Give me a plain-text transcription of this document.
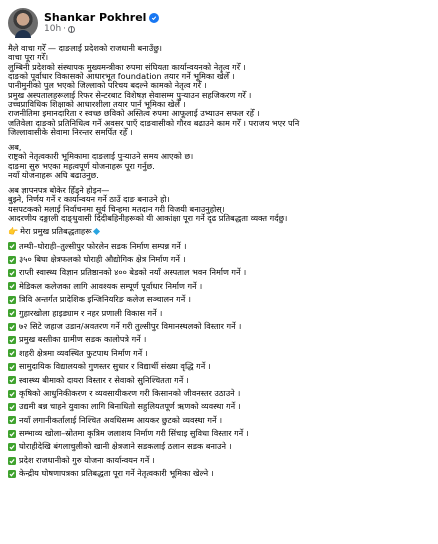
Shankar Pokhrel
10h ·
मैले वाचा गरेँ — दाङलाई प्रदेशको राजधानी बनाउँछु।
वाचा पूरा गरेँ।
लुम्बिनी प्रदेशको संस्थापक मुख्यमन्त्रीका रुपमा संघियता कार्यान्वयनको नेतृत्व गरेँ ।
दाङको पूर्वाधार विकासको आधारभूत foundation तयार गर्ने भूमिका खेलेँ ।
पानीमुनीको पुल भएको जिल्लाको परिचय बदल्ने कामको नेतृत्व गरेँ ।
प्रमुख अस्पतालहरूलाई रिफर सेन्टरबाट विशेषज्ञ सेवासम्म पुर्‍याउन सहजिकरण गरेँ ।
उच्चप्राविधिक शिक्षाको आधारशीला तयार पार्न भूमिका खेलेँ ।
राजनीतिमा इमानदारिता र स्वच्छ छविको अस्तित्व रुपमा आफूलाई उभ्याउन सफल रहेँ ।
जतिवेला दाङको प्रतिनिधित्व गर्ने अवसर पाएँ दाङवासीको गौरव बढाउने काम गरेँ । पराजय भएर पनि
जिल्लावासीके सेवामा निरन्तर समर्पित रहेँ ।
अब,
राष्ट्रको नेतृत्वकारी भूमिकामा दाङलाई पुर्‍याउने समय आएको छ।
दाङमा सुरु भएका महत्वपूर्ण योजनाहरू पूरा गर्नुछ.
नयाँ योजनाहरू अघि बढाउनुछ.
अब ज्ञापनपत्र बोकेर हिँड्ने होइन—
बुझ्ने, निर्णय गर्ने र कार्यान्वयन गर्ने ठाउँ दाङ बनाउने हो।
यसपटकको मलाई निर्वाचनमा सूर्य चिन्हमा मतदान गरी विजयी बनाउनुहोस्।
आदरणीय दङ्गाली दाङ्धुवासी दिदीबहिनीहरूको यी आकांक्षा पूरा गर्ने दृढ प्रतिबद्धता व्यक्त गर्दछु।
👉 मेरा प्रमुख प्रतिबद्धताहरू
तम्घी–घोराही–तुल्सीपुर फोरलेन सडक निर्माण सम्पन्न गर्ने ।
३५० बिघा क्षेत्रफलको घोराही औद्योगिक क्षेत्र निर्माण गर्ने ।
राप्ती स्वास्थ्य विज्ञान प्रतिष्ठानको ४०० बेडको नयाँ अस्पताल भवन निर्माण गर्ने ।
मेडिकल कलेजका लागि आवश्यक सम्पूर्ण पूर्वाधार निर्माण गर्ने ।
त्रिवि अन्तर्गत प्रादेशिक इन्जिनियरिङ कलेज सञ्चालन गर्ने ।
गुहारखोला हाइड्याम र नहर प्रणाली विकास गर्ने ।
७२ सिटे जहाज उडान/अवतरण गर्ने गरी तुल्सीपुर विमानस्थलको विस्तार गर्ने ।
प्रमुख बस्तीका ग्रामीण सडक कालोपत्रे गर्ने ।
शहरी क्षेत्रमा व्यवस्थित फुटपाथ निर्माण गर्ने ।
सामुदायिक विद्यालयको गुणस्तर सुधार र विद्यार्थी संख्या वृद्धि गर्ने ।
स्वास्थ्य बीमाको दायरा विस्तार र सेवाको सुनिश्चितता गर्ने ।
कृषिको आधुनिकीकरण र व्यवसायीकरण गरी किसानको जीवनस्तर उठाउने ।
उद्यमी बन्न चाहने युवाका लागि बिनाधितो सहुलियतपूर्ण ऋणको व्यवस्था गर्ने ।
नयाँ लगानीकर्तालाई निश्चित अवधिसम्म आयकर छुटको व्यवस्था गर्ने ।
सम्भाव्य खोला–स्रोतमा कृत्रिम जलाशय निर्माण गरी सिंचाइ सुविधा विस्तार गर्ने ।
घोराहीदेखि बंगलाचुलीको खानी क्षेत्रजाने सडकलाई ठलान सडक बनाउने ।
प्रदेश राजधानीको गुरु योजना कार्यान्वयन गर्ने ।
केन्द्रीय घोषणापत्रका प्रतिबद्धता पूरा गर्ने नेतृत्वकारी भूमिका खेल्ने ।
